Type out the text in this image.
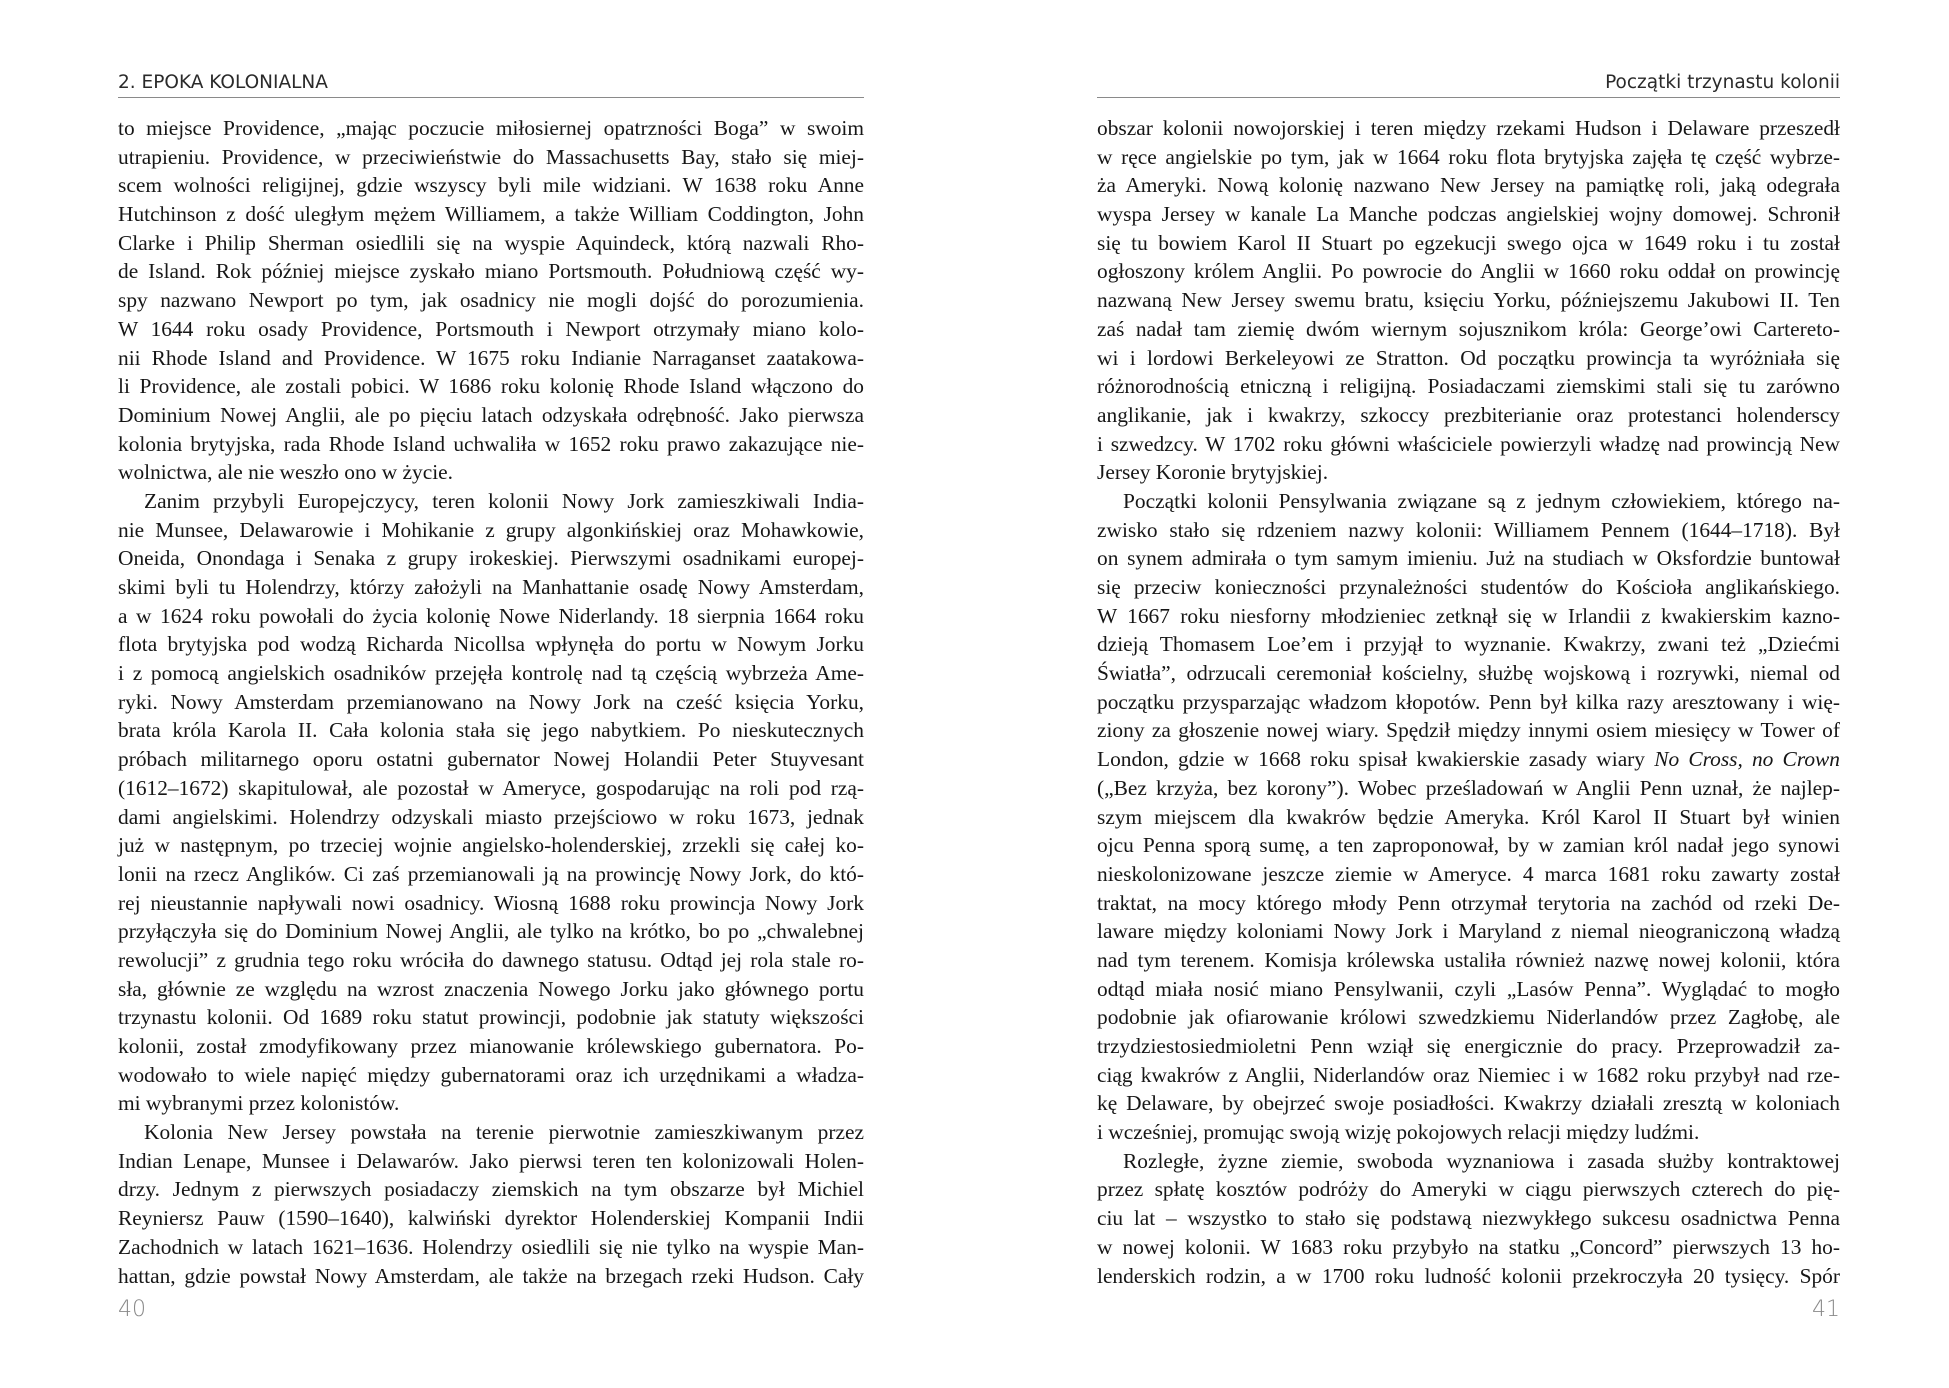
2. EPOKA KOLONIALNA
to miejsce Providence, „mając poczucie miłosiernej opatrzności Boga” w swoim
utrapieniu. Providence, w przeciwieństwie do Massachusetts Bay, stało się miej-
scem wolności religijnej, gdzie wszyscy byli mile widziani. W 1638 roku Anne
Hutchinson z dość uległym mężem Williamem, a także William Coddington, John
Clarke i Philip Sherman osiedlili się na wyspie Aquindeck, którą nazwali Rho-
de Island. Rok później miejsce zyskało miano Portsmouth. Południową część wy-
spy nazwano Newport po tym, jak osadnicy nie mogli dojść do porozumienia.
W 1644 roku osady Providence, Portsmouth i Newport otrzymały miano kolo-
nii Rhode Island and Providence. W 1675 roku Indianie Narraganset zaatakowa-
li Providence, ale zostali pobici. W 1686 roku kolonię Rhode Island włączono do
Dominium Nowej Anglii, ale po pięciu latach odzyskała odrębność. Jako pierwsza
kolonia brytyjska, rada Rhode Island uchwaliła w 1652 roku prawo zakazujące nie-
wolnictwa, ale nie weszło ono w życie.
Zanim przybyli Europejczycy, teren kolonii Nowy Jork zamieszkiwali India-
nie Munsee, Delawarowie i Mohikanie z grupy algonkińskiej oraz Mohawkowie,
Oneida, Onondaga i Senaka z grupy irokeskiej. Pierwszymi osadnikami europej-
skimi byli tu Holendrzy, którzy założyli na Manhattanie osadę Nowy Amsterdam,
a w 1624 roku powołali do życia kolonię Nowe Niderlandy. 18 sierpnia 1664 roku
flota brytyjska pod wodzą Richarda Nicollsa wpłynęła do portu w Nowym Jorku
i z pomocą angielskich osadników przejęła kontrolę nad tą częścią wybrzeża Ame-
ryki. Nowy Amsterdam przemianowano na Nowy Jork na cześć księcia Yorku,
brata króla Karola II. Cała kolonia stała się jego nabytkiem. Po nieskutecznych
próbach militarnego oporu ostatni gubernator Nowej Holandii Peter Stuyvesant
(1612–1672) skapitulował, ale pozostał w Ameryce, gospodarując na roli pod rzą-
dami angielskimi. Holendrzy odzyskali miasto przejściowo w roku 1673, jednak
już w następnym, po trzeciej wojnie angielsko-holenderskiej, zrzekli się całej ko-
lonii na rzecz Anglików. Ci zaś przemianowali ją na prowincję Nowy Jork, do któ-
rej nieustannie napływali nowi osadnicy. Wiosną 1688 roku prowincja Nowy Jork
przyłączyła się do Dominium Nowej Anglii, ale tylko na krótko, bo po „chwalebnej
rewolucji” z grudnia tego roku wróciła do dawnego statusu. Odtąd jej rola stale ro-
sła, głównie ze względu na wzrost znaczenia Nowego Jorku jako głównego portu
trzynastu kolonii. Od 1689 roku statut prowincji, podobnie jak statuty większości
kolonii, został zmodyfikowany przez mianowanie królewskiego gubernatora. Po-
wodowało to wiele napięć między gubernatorami oraz ich urzędnikami a władza-
mi wybranymi przez kolonistów.
Kolonia New Jersey powstała na terenie pierwotnie zamieszkiwanym przez
Indian Lenape, Munsee i Delawarów. Jako pierwsi teren ten kolonizowali Holen-
drzy. Jednym z pierwszych posiadaczy ziemskich na tym obszarze był Michiel
Reyniersz Pauw (1590–1640), kalwiński dyrektor Holenderskiej Kompanii Indii
Zachodnich w latach 1621–1636. Holendrzy osiedlili się nie tylko na wyspie Man-
hattan, gdzie powstał Nowy Amsterdam, ale także na brzegach rzeki Hudson. Cały
40
Początki trzynastu kolonii
obszar kolonii nowojorskiej i teren między rzekami Hudson i Delaware przeszedł
w ręce angielskie po tym, jak w 1664 roku flota brytyjska zajęła tę część wybrze-
ża Ameryki. Nową kolonię nazwano New Jersey na pamiątkę roli, jaką odegrała
wyspa Jersey w kanale La Manche podczas angielskiej wojny domowej. Schronił
się tu bowiem Karol II Stuart po egzekucji swego ojca w 1649 roku i tu został
ogłoszony królem Anglii. Po powrocie do Anglii w 1660 roku oddał on prowincję
nazwaną New Jersey swemu bratu, księciu Yorku, późniejszemu Jakubowi II. Ten
zaś nadał tam ziemię dwóm wiernym sojusznikom króla: George’owi Cartereto-
wi i lordowi Berkeleyowi ze Stratton. Od początku prowincja ta wyróżniała się
różnorodnością etniczną i religijną. Posiadaczami ziemskimi stali się tu zarówno
anglikanie, jak i kwakrzy, szkoccy prezbiterianie oraz protestanci holenderscy
i szwedzcy. W 1702 roku główni właściciele powierzyli władzę nad prowincją New
Jersey Koronie brytyjskiej.
Początki kolonii Pensylwania związane są z jednym człowiekiem, którego na-
zwisko stało się rdzeniem nazwy kolonii: Williamem Pennem (1644–1718). Był
on synem admirała o tym samym imieniu. Już na studiach w Oksfordzie buntował
się przeciw konieczności przynależności studentów do Kościoła anglikańskiego.
W 1667 roku niesforny młodzieniec zetknął się w Irlandii z kwakierskim kazno-
dzieją Thomasem Loe’em i przyjął to wyznanie. Kwakrzy, zwani też „Dziećmi
Światła”, odrzucali ceremoniał kościelny, służbę wojskową i rozrywki, niemal od
początku przysparzając władzom kłopotów. Penn był kilka razy aresztowany i wię-
ziony za głoszenie nowej wiary. Spędził między innymi osiem miesięcy w Tower of
London, gdzie w 1668 roku spisał kwakierskie zasady wiary No Cross, no Crown
(„Bez krzyża, bez korony”). Wobec prześladowań w Anglii Penn uznał, że najlep-
szym miejscem dla kwakrów będzie Ameryka. Król Karol II Stuart był winien
ojcu Penna sporą sumę, a ten zaproponował, by w zamian król nadał jego synowi
nieskolonizowane jeszcze ziemie w Ameryce. 4 marca 1681 roku zawarty został
traktat, na mocy którego młody Penn otrzymał terytoria na zachód od rzeki De-
laware między koloniami Nowy Jork i Maryland z niemal nieograniczoną władzą
nad tym terenem. Komisja królewska ustaliła również nazwę nowej kolonii, która
odtąd miała nosić miano Pensylwanii, czyli „Lasów Penna”. Wyglądać to mogło
podobnie jak ofiarowanie królowi szwedzkiemu Niderlandów przez Zagłobę, ale
trzydziestosiedmioletni Penn wziął się energicznie do pracy. Przeprowadził za-
ciąg kwakrów z Anglii, Niderlandów oraz Niemiec i w 1682 roku przybył nad rze-
kę Delaware, by obejrzeć swoje posiadłości. Kwakrzy działali zresztą w koloniach
i wcześniej, promując swoją wizję pokojowych relacji między ludźmi.
Rozległe, żyzne ziemie, swoboda wyznaniowa i zasada służby kontraktowej
przez spłatę kosztów podróży do Ameryki w ciągu pierwszych czterech do pię-
ciu lat – wszystko to stało się podstawą niezwykłego sukcesu osadnictwa Penna
w nowej kolonii. W 1683 roku przybyło na statku „Concord” pierwszych 13 ho-
lenderskich rodzin, a w 1700 roku ludność kolonii przekroczyła 20 tysięcy. Spór
41
